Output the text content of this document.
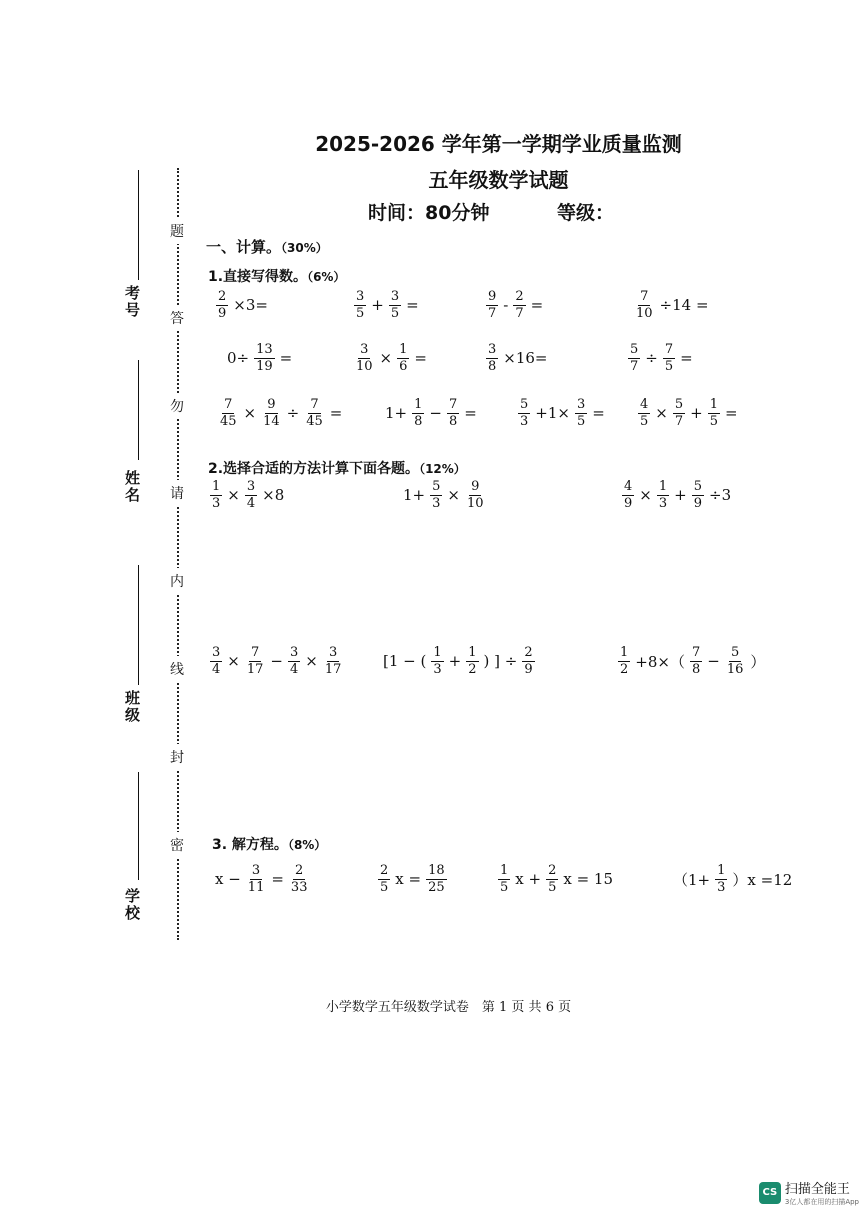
2025-2026 学年第一学期学业质量监测
五年级数学试题
时间：80分钟	等级：
考号
姓名
班级
学校
题
答
勿
请
内
线
封
密
一、计算。（30%）
1.直接写得数。（6%）
$\frac{2}{9} \times 3=$	$\frac{3}{5} + \frac{3}{5}$ =	$\frac{9}{7} - \frac{2}{7}$ =	$\frac{7}{10} \div 14$ =
$0\div \frac{13}{19}$ =	$\frac{3}{10} \times \frac{1}{6}$ =	$\frac{3}{8} \times 16=$	$\frac{5}{7} \div \frac{7}{5}$ =
$\frac{7}{45} \times \frac{9}{14} \div \frac{7}{45}$ =	$1+ \frac{1}{8} - \frac{7}{8}$ =	$\frac{5}{3} +1\times \frac{3}{5}$ =	$\frac{4}{5} \times \frac{5}{7} + \frac{1}{5}$ =
2.选择合适的方法计算下面各题。（12%）
$\frac{1}{3} \times \frac{3}{4} \times 8$	$1+ \frac{5}{3} \times \frac{9}{10}$	$\frac{4}{9} \times \frac{1}{3} + \frac{5}{9} \div 3$
$\frac{3}{4} \times \frac{7}{17} - \frac{3}{4} \times \frac{3}{17}$	[1 − ( $\frac{1}{3} + \frac{1}{2}$ ) ] ÷ $\frac{2}{9}$	$\frac{1}{2} +8\times( \frac{7}{8} - \frac{5}{16}$ ）
3. 解方程。（8%）
$x - \frac{3}{11} = \frac{2}{33}$	$\frac{2}{5}$ $x = \frac{18}{25}$	$\frac{1}{5}$ $x + \frac{2}{5}$ x = 15	$(1+ \frac{1}{3} )x =12$
小学数学五年级数学试卷　第 1 页 共 6 页
CS 扫描全能王
3亿人都在用的扫描App
